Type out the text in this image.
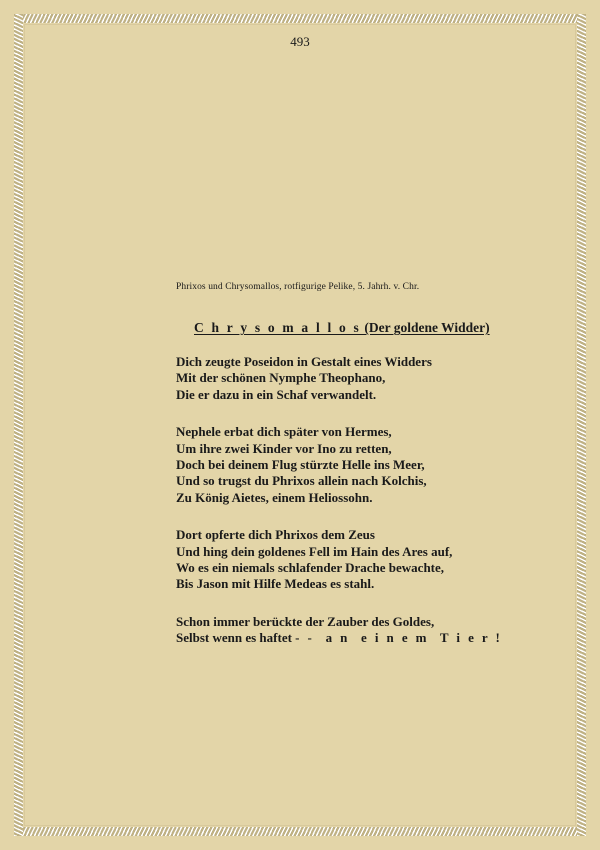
493
Phrixos und Chrysomallos, rotfigurige Pelike, 5. Jahrh. v. Chr.
C h r y s o m a l l o s (Der goldene Widder)
Dich zeugte Poseidon in Gestalt eines Widders
Mit der schönen Nymphe Theophano,
Die er dazu in ein Schaf verwandelt.
Nephele erbat dich später von Hermes,
Um ihre zwei Kinder vor Ino zu retten,
Doch bei deinem Flug stürzte Helle ins Meer,
Und so trugst du Phrixos allein nach Kolchis,
Zu König Aietes, einem Heliossohn.
Dort opferte dich Phrixos dem Zeus
Und hing dein goldenes Fell im Hain des Ares auf,
Wo es ein niemals schlafender Drache bewachte,
Bis Jason mit Hilfe Medeas es stahl.
Schon immer berückte der Zauber des Goldes,
Selbst wenn es haftet - -  a n  e i n e m  T i e r !
